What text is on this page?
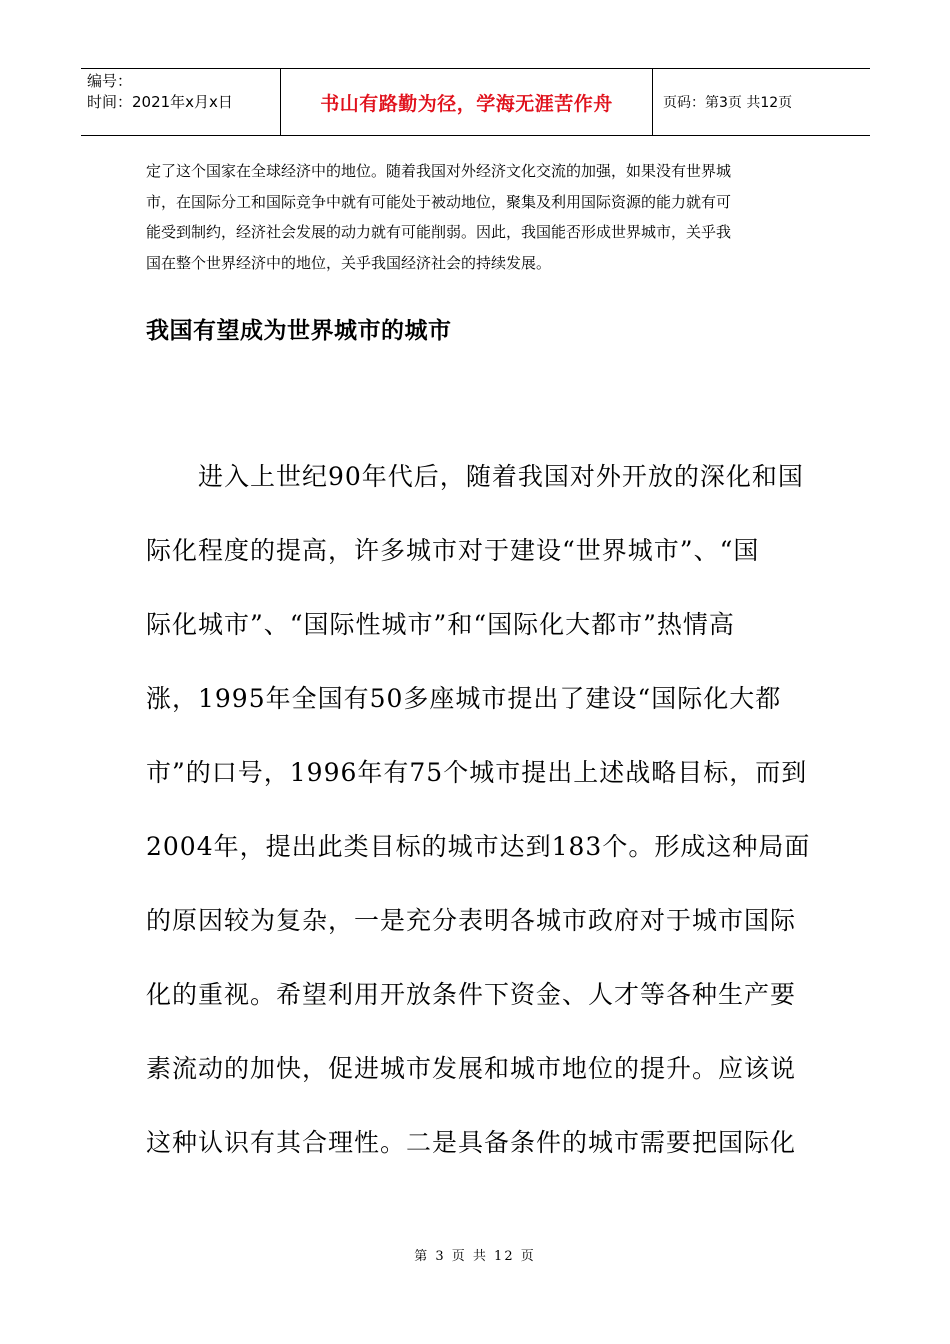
编号：
时间：2021年x月x日	书山有路勤为径，学海无涯苦作舟	页码：第3页 共12页

定了这个国家在全球经济中的地位。随着我国对外经济文化交流的加强，如果没有世界城
市，在国际分工和国际竞争中就有可能处于被动地位，聚集及利用国际资源的能力就有可
能受到制约，经济社会发展的动力就有可能削弱。因此，我国能否形成世界城市，关乎我
国在整个世界经济中的地位，关乎我国经济社会的持续发展。

我国有望成为世界城市的城市

　　进入上世纪90年代后，随着我国对外开放的深化和国
际化程度的提高，许多城市对于建设“世界城市”、“国
际化城市”、“国际性城市”和“国际化大都市”热情高
涨，1995年全国有50多座城市提出了建设“国际化大都
市”的口号，1996年有75个城市提出上述战略目标，而到
2004年，提出此类目标的城市达到183个。形成这种局面
的原因较为复杂，一是充分表明各城市政府对于城市国际
化的重视。希望利用开放条件下资金、人才等各种生产要
素流动的加快，促进城市发展和城市地位的提升。应该说
这种认识有其合理性。二是具备条件的城市需要把国际化

第 3 页 共 12 页
